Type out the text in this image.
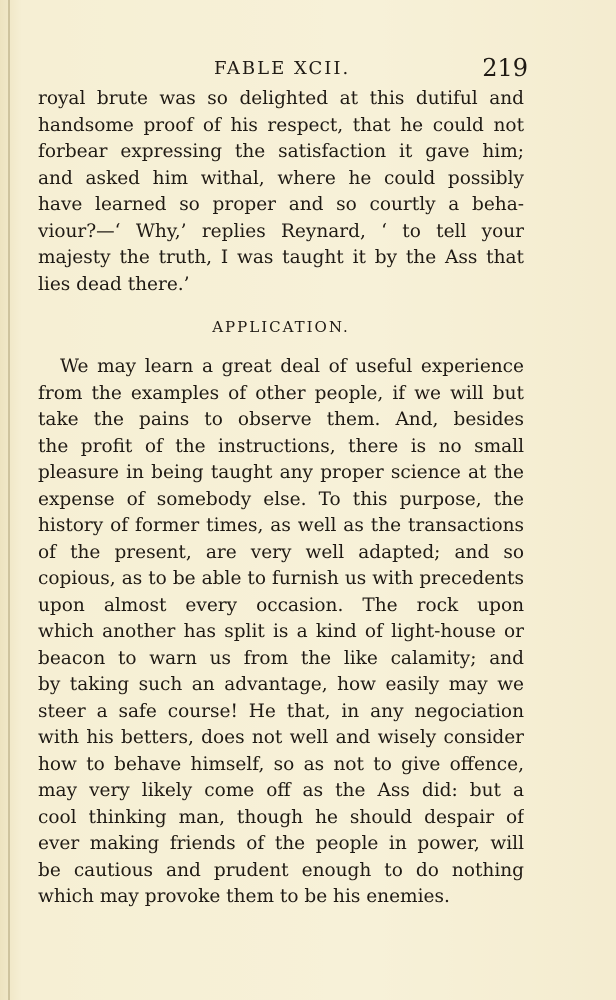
FABLE XCII.	219
royal brute was so delighted at this dutiful and
handsome proof of his respect, that he could not
forbear expressing the satisfaction it gave him;
and asked him withal, where he could possibly
have learned so proper and so courtly a beha-
viour?—‘ Why,’ replies Reynard, ‘ to tell your
majesty the truth, I was taught it by the Ass that
lies dead there.’
APPLICATION.
We may learn a great deal of useful experience
from the examples of other people, if we will but
take the pains to observe them. And, besides
the profit of the instructions, there is no small
pleasure in being taught any proper science at the
expense of somebody else. To this purpose, the
history of former times, as well as the transactions
of the present, are very well adapted; and so
copious, as to be able to furnish us with precedents
upon almost every occasion. The rock upon
which another has split is a kind of light-house or
beacon to warn us from the like calamity; and
by taking such an advantage, how easily may we
steer a safe course! He that, in any negociation
with his betters, does not well and wisely consider
how to behave himself, so as not to give offence,
may very likely come off as the Ass did: but a
cool thinking man, though he should despair of
ever making friends of the people in power, will
be cautious and prudent enough to do nothing
which may provoke them to be his enemies.
